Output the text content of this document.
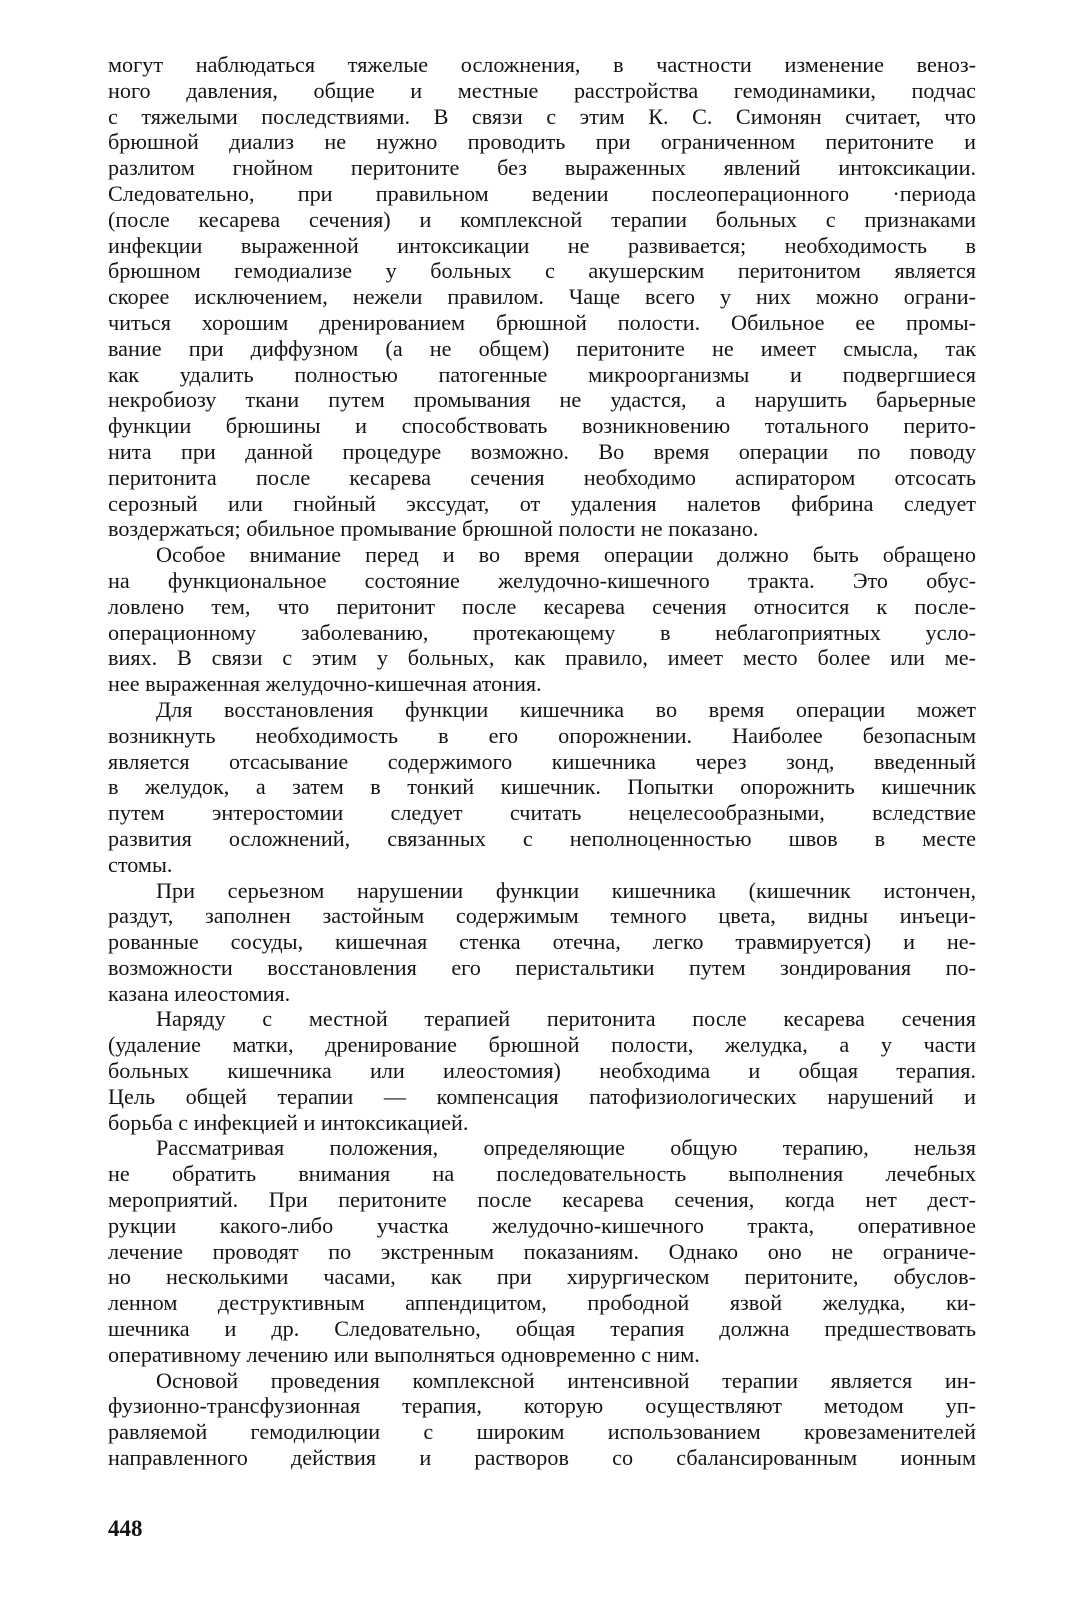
могут наблюдаться тяжелые осложнения, в частности изменение веноз-
ного давления, общие и местные расстройства гемодинамики, подчас
с тяжелыми последствиями. В связи с этим К. С. Симонян считает, что
брюшной диализ не нужно проводить при ограниченном перитоните и
разлитом гнойном перитоните без выраженных явлений интоксикации.
Следовательно, при правильном ведении послеоперационного ·периода
(после кесарева сечения) и комплексной терапии больных с признаками
инфекции выраженной интоксикации не развивается; необходимость в
брюшном гемодиализе у больных с акушерским перитонитом является
скорее исключением, нежели правилом. Чаще всего у них можно ограни-
читься хорошим дренированием брюшной полости. Обильное ее промы-
вание при диффузном (а не общем) перитоните не имеет смысла, так
как удалить полностью патогенные микроорганизмы и подвергшиеся
некробиозу ткани путем промывания не удастся, а нарушить барьерные
функции брюшины и способствовать возникновению тотального перито-
нита при данной процедуре возможно. Во время операции по поводу
перитонита после кесарева сечения необходимо аспиратором отсосать
серозный или гнойный экссудат, от удаления налетов фибрина следует
воздержаться; обильное промывание брюшной полости не показано.
Особое внимание перед и во время операции должно быть обращено
на функциональное состояние желудочно-кишечного тракта. Это обус-
ловлено тем, что перитонит после кесарева сечения относится к после-
операционному заболеванию, протекающему в неблагоприятных усло-
виях. В связи с этим у больных, как правило, имеет место более или ме-
нее выраженная желудочно-кишечная атония.
Для восстановления функции кишечника во время операции может
возникнуть необходимость в его опорожнении. Наиболее безопасным
является отсасывание содержимого кишечника через зонд, введенный
в желудок, а затем в тонкий кишечник. Попытки опорожнить кишечник
путем энтеростомии следует считать нецелесообразными, вследствие
развития осложнений, связанных с неполноценностью швов в месте
стомы.
При серьезном нарушении функции кишечника (кишечник истончен,
раздут, заполнен застойным содержимым темного цвета, видны инъеци-
рованные сосуды, кишечная стенка отечна, легко травмируется) и не-
возможности восстановления его перистальтики путем зондирования по-
казана илеостомия.
Наряду с местной терапией перитонита после кесарева сечения
(удаление матки, дренирование брюшной полости, желудка, а у части
больных кишечника или илеостомия) необходима и общая терапия.
Цель общей терапии — компенсация патофизиологических нарушений и
борьба с инфекцией и интоксикацией.
Рассматривая положения, определяющие общую терапию, нельзя
не обратить внимания на последовательность выполнения лечебных
мероприятий. При перитоните после кесарева сечения, когда нет дест-
рукции какого-либо участка желудочно-кишечного тракта, оперативное
лечение проводят по экстренным показаниям. Однако оно не ограниче-
но несколькими часами, как при хирургическом перитоните, обуслов-
ленном деструктивным аппендицитом, прободной язвой желудка, ки-
шечника и др. Следовательно, общая терапия должна предшествовать
оперативному лечению или выполняться одновременно с ним.
Основой проведения комплексной интенсивной терапии является ин-
фузионно-трансфузионная терапия, которую осуществляют методом уп-
равляемой гемодилюции с широким использованием кровезаменителей
направленного действия и растворов со сбалансированным ионным
448
